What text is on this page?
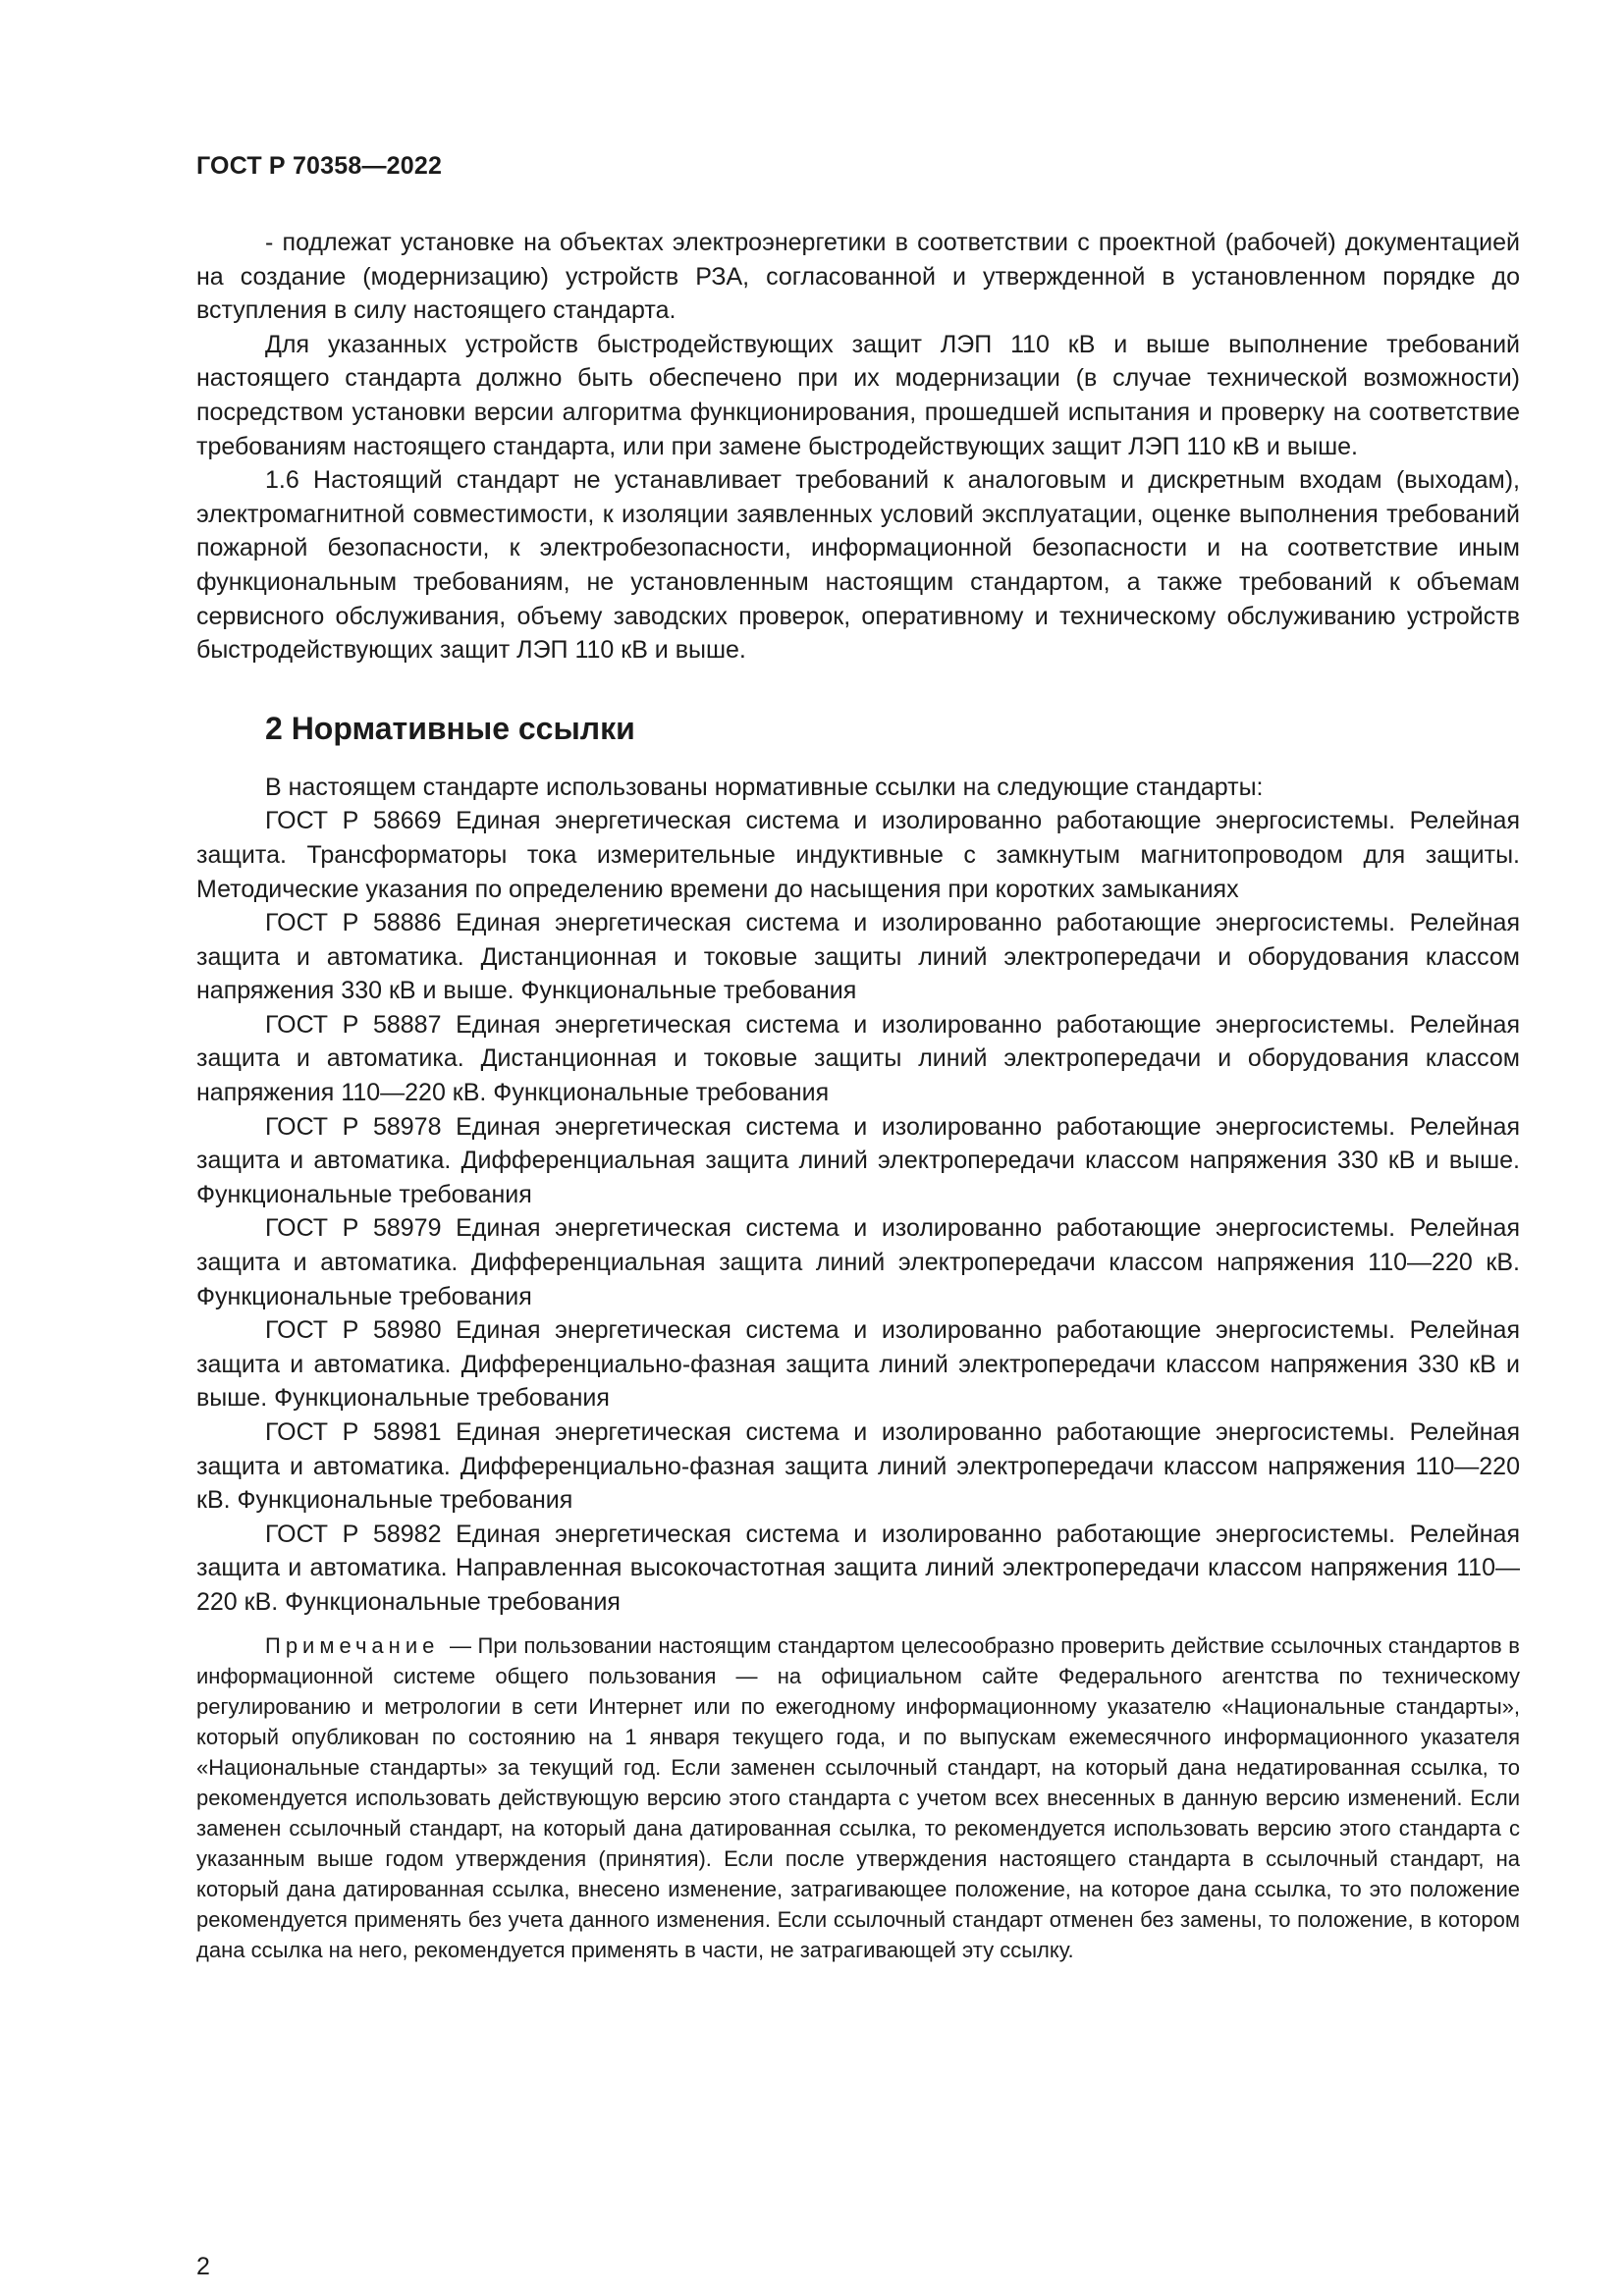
ГОСТ Р 70358—2022

- подлежат установке на объектах электроэнергетики в соответствии с проектной (рабочей) документацией на создание (модернизацию) устройств РЗА, согласованной и утвержденной в установленном порядке до вступления в силу настоящего стандарта.

Для указанных устройств быстродействующих защит ЛЭП 110 кВ и выше выполнение требований настоящего стандарта должно быть обеспечено при их модернизации (в случае технической возможности) посредством установки версии алгоритма функционирования, прошедшей испытания и проверку на соответствие требованиям настоящего стандарта, или при замене быстродействующих защит ЛЭП 110 кВ и выше.

1.6 Настоящий стандарт не устанавливает требований к аналоговым и дискретным входам (выходам), электромагнитной совместимости, к изоляции заявленных условий эксплуатации, оценке выполнения требований пожарной безопасности, к электробезопасности, информационной безопасности и на соответствие иным функциональным требованиям, не установленным настоящим стандартом, а также требований к объемам сервисного обслуживания, объему заводских проверок, оперативному и техническому обслуживанию устройств быстродействующих защит ЛЭП 110 кВ и выше.

2 Нормативные ссылки

В настоящем стандарте использованы нормативные ссылки на следующие стандарты:

ГОСТ Р 58669 Единая энергетическая система и изолированно работающие энергосистемы. Релейная защита. Трансформаторы тока измерительные индуктивные с замкнутым магнитопроводом для защиты. Методические указания по определению времени до насыщения при коротких замыканиях

ГОСТ Р 58886 Единая энергетическая система и изолированно работающие энергосистемы. Релейная защита и автоматика. Дистанционная и токовые защиты линий электропередачи и оборудования классом напряжения 330 кВ и выше. Функциональные требования

ГОСТ Р 58887 Единая энергетическая система и изолированно работающие энергосистемы. Релейная защита и автоматика. Дистанционная и токовые защиты линий электропередачи и оборудования классом напряжения 110—220 кВ. Функциональные требования

ГОСТ Р 58978 Единая энергетическая система и изолированно работающие энергосистемы. Релейная защита и автоматика. Дифференциальная защита линий электропередачи классом напряжения 330 кВ и выше. Функциональные требования

ГОСТ Р 58979 Единая энергетическая система и изолированно работающие энергосистемы. Релейная защита и автоматика. Дифференциальная защита линий электропередачи классом напряжения 110—220 кВ. Функциональные требования

ГОСТ Р 58980 Единая энергетическая система и изолированно работающие энергосистемы. Релейная защита и автоматика. Дифференциально-фазная защита линий электропередачи классом напряжения 330 кВ и выше. Функциональные требования

ГОСТ Р 58981 Единая энергетическая система и изолированно работающие энергосистемы. Релейная защита и автоматика. Дифференциально-фазная защита линий электропередачи классом напряжения 110—220 кВ. Функциональные требования

ГОСТ Р 58982 Единая энергетическая система и изолированно работающие энергосистемы. Релейная защита и автоматика. Направленная высокочастотная защита линий электропередачи классом напряжения 110—220 кВ. Функциональные требования

Примечание — При пользовании настоящим стандартом целесообразно проверить действие ссылочных стандартов в информационной системе общего пользования — на официальном сайте Федерального агентства по техническому регулированию и метрологии в сети Интернет или по ежегодному информационному указателю «Национальные стандарты», который опубликован по состоянию на 1 января текущего года, и по выпускам ежемесячного информационного указателя «Национальные стандарты» за текущий год. Если заменен ссылочный стандарт, на который дана недатированная ссылка, то рекомендуется использовать действующую версию этого стандарта с учетом всех внесенных в данную версию изменений. Если заменен ссылочный стандарт, на который дана датированная ссылка, то рекомендуется использовать версию этого стандарта с указанным выше годом утверждения (принятия). Если после утверждения настоящего стандарта в ссылочный стандарт, на который дана датированная ссылка, внесено изменение, затрагивающее положение, на которое дана ссылка, то это положение рекомендуется применять без учета данного изменения. Если ссылочный стандарт отменен без замены, то положение, в котором дана ссылка на него, рекомендуется применять в части, не затрагивающей эту ссылку.

2
